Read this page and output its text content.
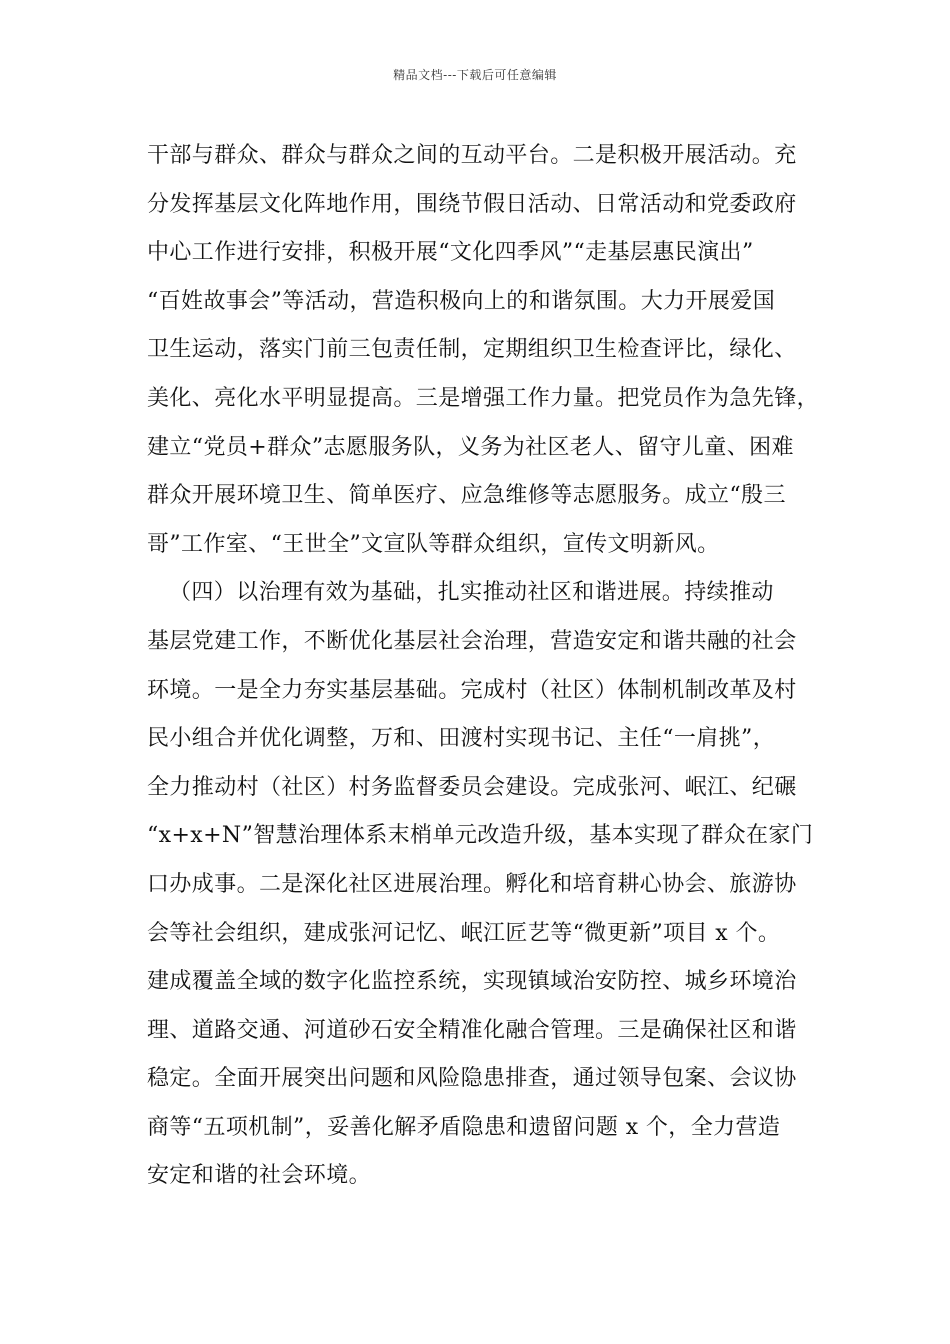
精品文档---下载后可任意编辑
干部与群众、群众与群众之间的互动平台。二是积极开展活动。充
分发挥基层文化阵地作用，围绕节假日活动、日常活动和党委政府
中心工作进行安排，积极开展“文化四季风”“走基层惠民演出”
“百姓故事会”等活动，营造积极向上的和谐氛围。大力开展爱国
卫生运动，落实门前三包责任制，定期组织卫生检查评比，绿化、
美化、亮化水平明显提高。三是增强工作力量。把党员作为急先锋，
建立“党员+群众”志愿服务队，义务为社区老人、留守儿童、困难
群众开展环境卫生、简单医疗、应急维修等志愿服务。成立“殷三
哥”工作室、“王世全”文宣队等群众组织，宣传文明新风。
（四）以治理有效为基础，扎实推动社区和谐进展。持续推动
基层党建工作，不断优化基层社会治理，营造安定和谐共融的社会
环境。一是全力夯实基层基础。完成村（社区）体制机制改革及村
民小组合并优化调整，万和、田渡村实现书记、主任“一肩挑”，
全力推动村（社区）村务监督委员会建设。完成张河、岷江、纪碾
“x+x+N”智慧治理体系末梢单元改造升级，基本实现了群众在家门
口办成事。二是深化社区进展治理。孵化和培育耕心协会、旅游协
会等社会组织，建成张河记忆、岷江匠艺等“微更新”项目 x 个。
建成覆盖全域的数字化监控系统，实现镇域治安防控、城乡环境治
理、道路交通、河道砂石安全精准化融合管理。三是确保社区和谐
稳定。全面开展突出问题和风险隐患排查，通过领导包案、会议协
商等“五项机制”，妥善化解矛盾隐患和遗留问题 x 个，全力营造
安定和谐的社会环境。
